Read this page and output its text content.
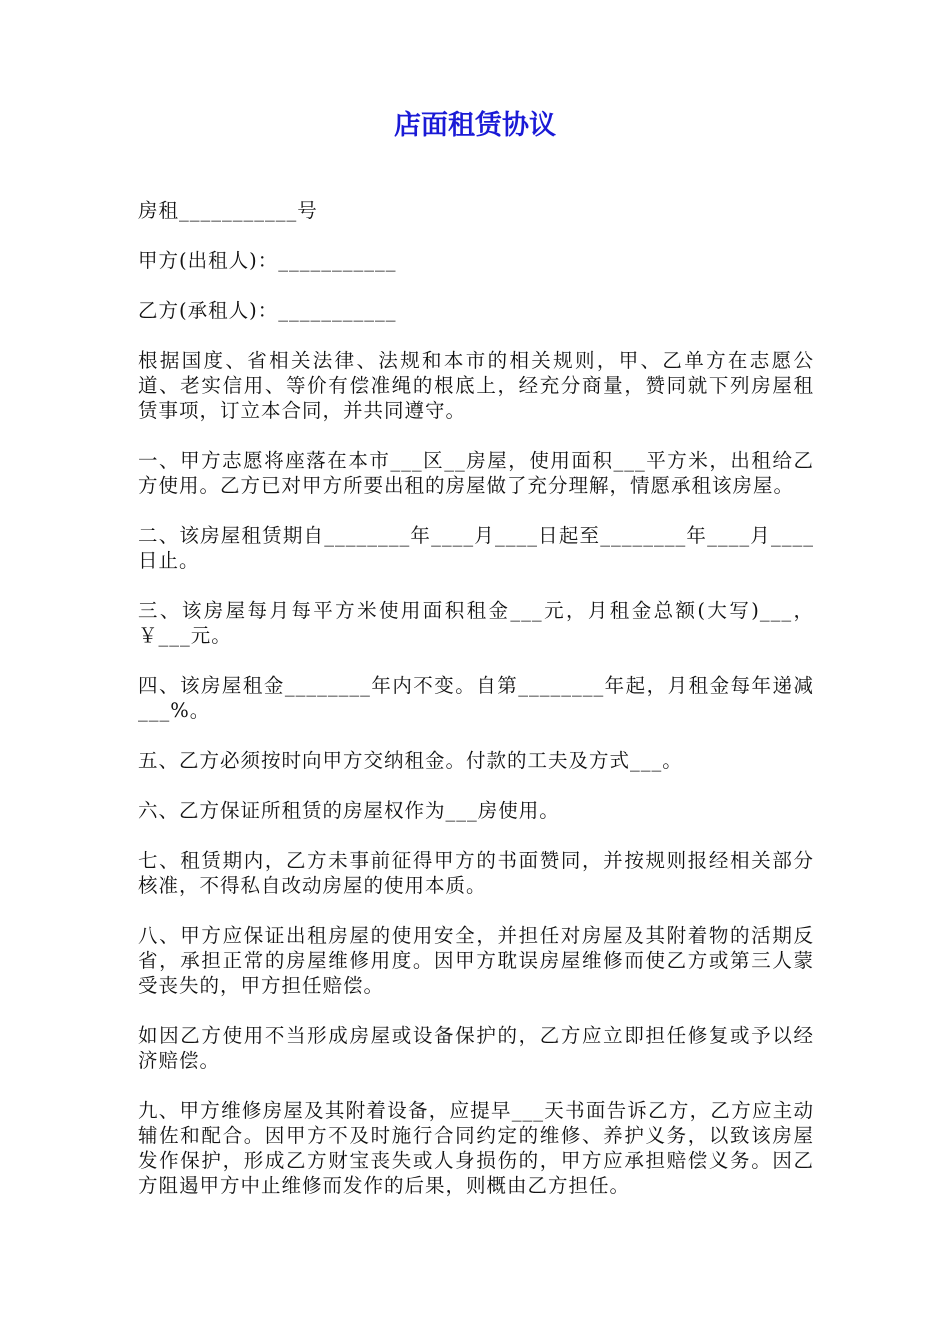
店面租赁协议

房租___________号

甲方(出租人)：___________

乙方(承租人)：___________

根据国度、省相关法律、法规和本市的相关规则，甲、乙单方在志愿公道、老实信用、等价有偿准绳的根底上，经充分商量，赞同就下列房屋租赁事项，订立本合同，并共同遵守。

一、甲方志愿将座落在本市___区__房屋，使用面积___平方米，出租给乙方使用。乙方已对甲方所要出租的房屋做了充分理解，情愿承租该房屋。

二、该房屋租赁期自________年____月____日起至________年____月____日止。

三、该房屋每月每平方米使用面积租金___元，月租金总额(大写)___，￥___元。

四、该房屋租金________年内不变。自第________年起，月租金每年递减___%。

五、乙方必须按时向甲方交纳租金。付款的工夫及方式___。

六、乙方保证所租赁的房屋权作为___房使用。

七、租赁期内，乙方未事前征得甲方的书面赞同，并按规则报经相关部分核准，不得私自改动房屋的使用本质。

八、甲方应保证出租房屋的使用安全，并担任对房屋及其附着物的活期反省，承担正常的房屋维修用度。因甲方耽误房屋维修而使乙方或第三人蒙受丧失的，甲方担任赔偿。

如因乙方使用不当形成房屋或设备保护的，乙方应立即担任修复或予以经济赔偿。

九、甲方维修房屋及其附着设备，应提早___天书面告诉乙方，乙方应主动辅佐和配合。因甲方不及时施行合同约定的维修、养护义务，以致该房屋发作保护，形成乙方财宝丧失或人身损伤的，甲方应承担赔偿义务。因乙方阻遏甲方中止维修而发作的后果，则概由乙方担任。
